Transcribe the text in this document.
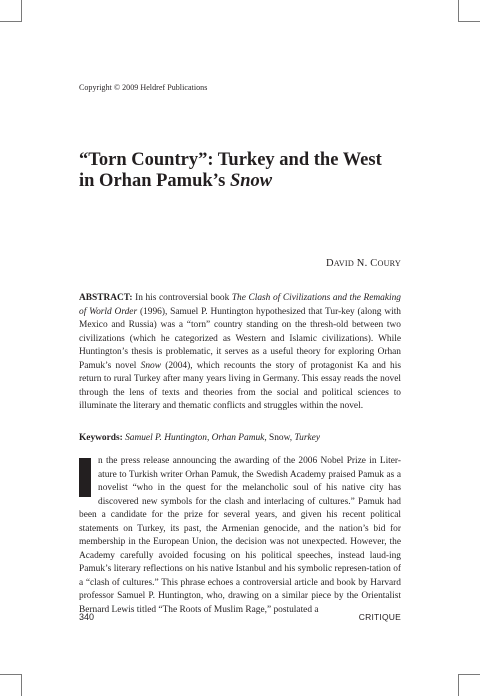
Copyright © 2009 Heldref Publications
“Torn Country”: Turkey and the West
in Orhan Pamuk’s Snow
DAVID N. COURY
ABSTRACT: In his controversial book The Clash of Civilizations and the Remaking of World Order (1996), Samuel P. Huntington hypothesized that Tur-key (along with Mexico and Russia) was a “torn” country standing on the thresh-old between two civilizations (which he categorized as Western and Islamic civilizations). While Huntington’s thesis is problematic, it serves as a useful theory for exploring Orhan Pamuk’s novel Snow (2004), which recounts the story of protagonist Ka and his return to rural Turkey after many years living in Germany. This essay reads the novel through the lens of texts and theories from the social and political sciences to illuminate the literary and thematic conflicts and struggles within the novel.
Keywords: Samuel P. Huntington, Orhan Pamuk, Snow, Turkey
I	n the press release announcing the awarding of the 2006 Nobel Prize in Liter-ature to Turkish writer Orhan Pamuk, the Swedish Academy praised Pamuk as a novelist “who in the quest for the melancholic soul of his native city has discovered new symbols for the clash and interlacing of cultures.” Pamuk had been a candidate for the prize for several years, and given his recent political statements on Turkey, its past, the Armenian genocide, and the nation’s bid for membership in the European Union, the decision was not unexpected. However, the Academy carefully avoided focusing on his political speeches, instead laud-ing Pamuk’s literary reflections on his native Istanbul and his symbolic represen-tation of a “clash of cultures.” This phrase echoes a controversial article and book by Harvard professor Samuel P. Huntington, who, drawing on a similar piece by the Orientalist Bernard Lewis titled “The Roots of Muslim Rage,” postulated a
340	CRITIQUE
